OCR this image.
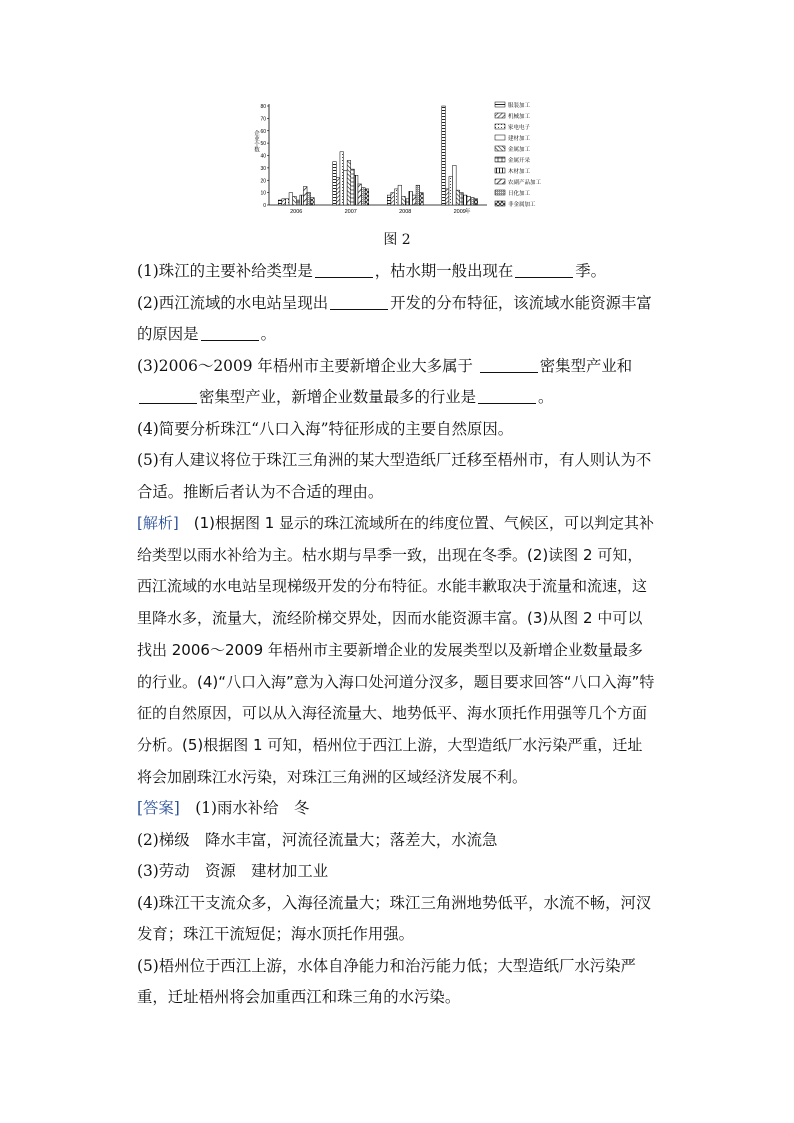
0
10
20
30
40
50
60
70
80
企业个数
2006	2007	2008	2009 年
服装加工
机械加工
家电电子
建材加工
金属加工
金属开采
木材加工
农副产品加工
日化加工
非金属加工
图 2

(1)珠江的主要补给类型是	，枯水期一般出现在	季。

(2)西江流域的水电站呈现出	开发的分布特征，该流域水能资源丰富的原因是	。

(3)2006～2009 年梧州市主要新增企业大多属于	密集型产业和密集型产业，新增企业数量最多的行业是	。

(4)简要分析珠江“八口入海”特征形成的主要自然原因。

(5)有人建议将位于珠江三角洲的某大型造纸厂迁移至梧州市，有人则认为不合适。推断后者认为不合适的理由。

[解析]　(1)根据图 1 显示的珠江流域所在的纬度位置、气候区，可以判定其补给类型以雨水补给为主。枯水期与旱季一致，出现在冬季。(2)读图 2 可知，西江流域的水电站呈现梯级开发的分布特征。水能丰歉取决于流量和流速，这里降水多，流量大，流经阶梯交界处，因而水能资源丰富。(3)从图 2 中可以找出 2006～2009 年梧州市主要新增企业的发展类型以及新增企业数量最多的行业。(4)“八口入海”意为入海口处河道分汊多，题目要求回答“八口入海”特征的自然原因，可以从入海径流量大、地势低平、海水顶托作用强等几个方面分析。(5)根据图 1 可知，梧州位于西江上游，大型造纸厂水污染严重，迁址将会加剧珠江水污染，对珠江三角洲的区域经济发展不利。

[答案]　(1)雨水补给　冬

(2)梯级　降水丰富，河流径流量大；落差大，水流急

(3)劳动　资源　建材加工业

(4)珠江干支流众多，入海径流量大；珠江三角洲地势低平，水流不畅，河汊发育；珠江干流短促；海水顶托作用强。

(5)梧州位于西江上游，水体自净能力和治污能力低；大型造纸厂水污染严重，迁址梧州将会加重西江和珠三角的水污染。
